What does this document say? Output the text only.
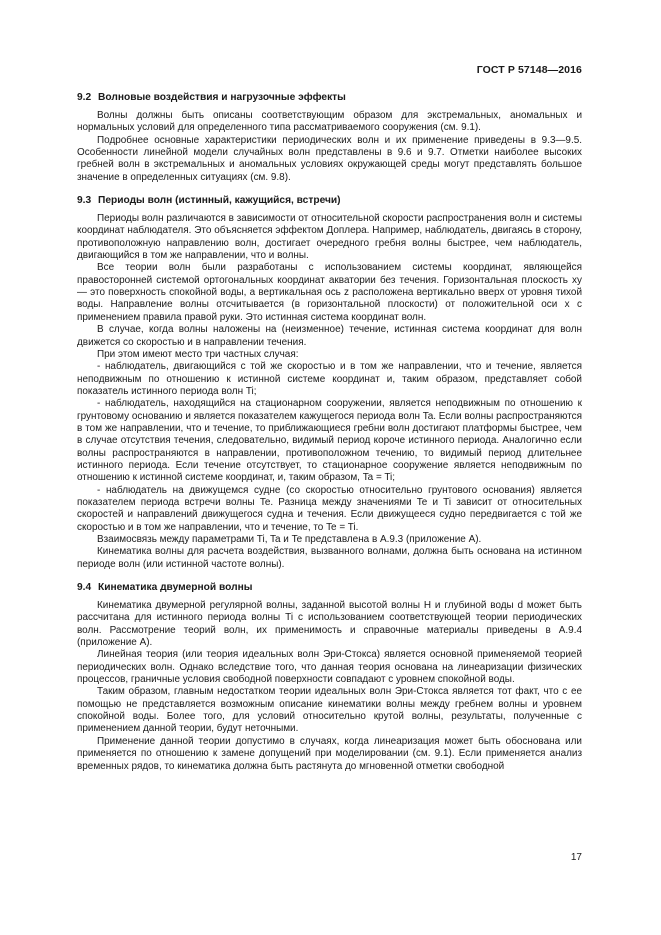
ГОСТ Р 57148—2016
9.2 Волновые воздействия и нагрузочные эффекты

Волны должны быть описаны соответствующим образом для экстремальных, аномальных и нормальных условий для определенного типа рассматриваемого сооружения (см. 9.1).

Подробнее основные характеристики периодических волн и их применение приведены в 9.3—9.5. Особенности линейной модели случайных волн представлены в 9.6 и 9.7. Отметки наиболее высоких гребней волн в экстремальных и аномальных условиях окружающей среды могут представлять большое значение в определенных ситуациях (см. 9.8).

9.3 Периоды волн (истинный, кажущийся, встречи)

Периоды волн различаются в зависимости от относительной скорости распространения волн и системы координат наблюдателя. Это объясняется эффектом Доплера. Например, наблюдатель, двигаясь в сторону, противоположную направлению волн, достигает очередного гребня волны быстрее, чем наблюдатель, двигающийся в том же направлении, что и волны.

Все теории волн были разработаны с использованием системы координат, являющейся правосторонней системой ортогональных координат акватории без течения. Горизонтальная плоскость xy — это поверхность спокойной воды, а вертикальная ось z расположена вертикально вверх от уровня тихой воды. Направление волны отсчитывается (в горизонтальной плоскости) от положительной оси x с применением правила правой руки. Это истинная система координат волн.

В случае, когда волны наложены на (неизменное) течение, истинная система координат для волн движется со скоростью и в направлении течения.

При этом имеют место три частных случая:

- наблюдатель, двигающийся с той же скоростью и в том же направлении, что и течение, является неподвижным по отношению к истинной системе координат и, таким образом, представляет собой показатель истинного периода волн Ti;

- наблюдатель, находящийся на стационарном сооружении, является неподвижным по отношению к грунтовому основанию и является показателем кажущегося периода волн Ta. Если волны распространяются в том же направлении, что и течение, то приближающиеся гребни волн достигают платформы быстрее, чем в случае отсутствия течения, следовательно, видимый период короче истинного периода. Аналогично если волны распространяются в направлении, противоположном течению, то видимый период длительнее истинного периода. Если течение отсутствует, то стационарное сооружение является неподвижным по отношению к истинной системе координат, и, таким образом, Ta = Ti;

- наблюдатель на движущемся судне (со скоростью относительно грунтового основания) является показателем периода встречи волны Te. Разница между значениями Te и Ti зависит от относительных скоростей и направлений движущегося судна и течения. Если движущееся судно передвигается с той же скоростью и в том же направлении, что и течение, то Te = Ti.

Взаимосвязь между параметрами Ti, Ta и Te представлена в А.9.3 (приложение А).

Кинематика волны для расчета воздействия, вызванного волнами, должна быть основана на истинном периоде волн (или истинной частоте волны).

9.4 Кинематика двумерной волны

Кинематика двумерной регулярной волны, заданной высотой волны H и глубиной воды d может быть рассчитана для истинного периода волны Ti с использованием соответствующей теории периодических волн. Рассмотрение теорий волн, их применимость и справочные материалы приведены в А.9.4 (приложение А).

Линейная теория (или теория идеальных волн Эри-Стокса) является основной применяемой теорией периодических волн. Однако вследствие того, что данная теория основана на линеаризации физических процессов, граничные условия свободной поверхности совпадают с уровнем спокойной воды.

Таким образом, главным недостатком теории идеальных волн Эри-Стокса является тот факт, что с ее помощью не представляется возможным описание кинематики волны между гребнем волны и уровнем спокойной воды. Более того, для условий относительно крутой волны, результаты, полученные с применением данной теории, будут неточными.

Применение данной теории допустимо в случаях, когда линеаризация может быть обоснована или применяется по отношению к замене допущений при моделировании (см. 9.1). Если применяется анализ временных рядов, то кинематика должна быть растянута до мгновенной отметки свободной

17
